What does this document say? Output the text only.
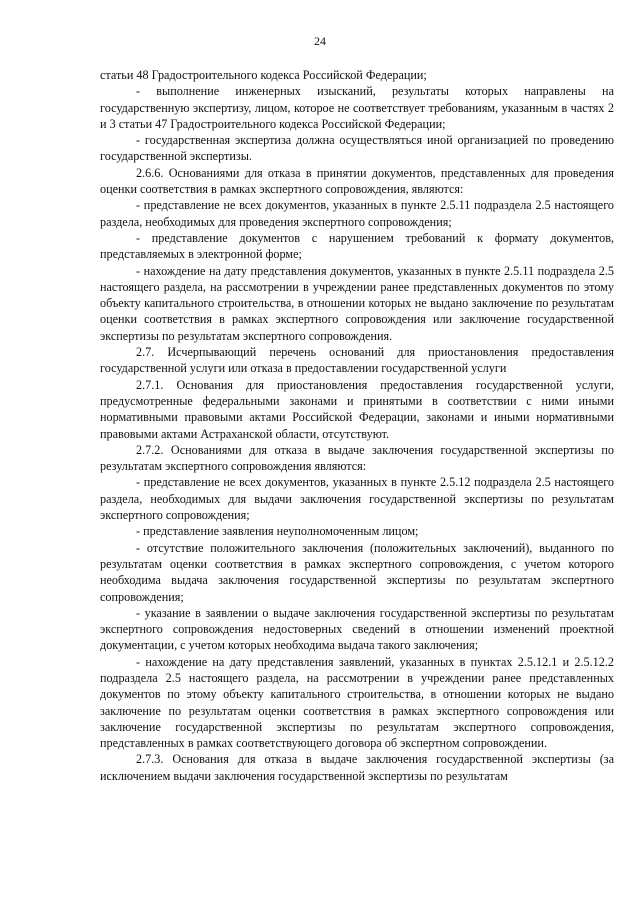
24

статьи 48 Градостроительного кодекса Российской Федерации;

- выполнение инженерных изысканий, результаты которых направлены на государственную экспертизу, лицом, которое не соответствует требованиям, указанным в частях 2 и 3 статьи 47 Градостроительного кодекса Российской Федерации;

- государственная экспертиза должна осуществляться иной организацией по проведению государственной экспертизы.

2.6.6. Основаниями для отказа в принятии документов, представленных для проведения оценки соответствия в рамках экспертного сопровождения, являются:

- представление не всех документов, указанных в пункте 2.5.11 подраздела 2.5 настоящего раздела, необходимых для проведения экспертного сопровождения;

- представление документов с нарушением требований к формату документов, представляемых в электронной форме;

- нахождение на дату представления документов, указанных в пункте 2.5.11 подраздела 2.5 настоящего раздела, на рассмотрении в учреждении ранее представленных документов по этому объекту капитального строительства, в отношении которых не выдано заключение по результатам оценки соответствия в рамках экспертного сопровождения или заключение государственной экспертизы по результатам экспертного сопровождения.

2.7. Исчерпывающий перечень оснований для приостановления предоставления государственной услуги или отказа в предоставлении государственной услуги

2.7.1. Основания для приостановления предоставления государственной услуги, предусмотренные федеральными законами и принятыми в соответствии с ними иными нормативными правовыми актами Российской Федерации, законами и иными нормативными правовыми актами Астраханской области, отсутствуют.

2.7.2. Основаниями для отказа в выдаче заключения государственной экспертизы по результатам экспертного сопровождения являются:

- представление не всех документов, указанных в пункте 2.5.12 подраздела 2.5 настоящего раздела, необходимых для выдачи заключения государственной экспертизы по результатам экспертного сопровождения;

- представление заявления неуполномоченным лицом;

- отсутствие положительного заключения (положительных заключений), выданного по результатам оценки соответствия в рамках экспертного сопровождения, с учетом которого необходима выдача заключения государственной экспертизы по результатам экспертного сопровождения;

- указание в заявлении о выдаче заключения государственной экспертизы по результатам экспертного сопровождения недостоверных сведений в отношении изменений проектной документации, с учетом которых необходима выдача такого заключения;

- нахождение на дату представления заявлений, указанных в пунктах 2.5.12.1 и 2.5.12.2 подраздела 2.5 настоящего раздела, на рассмотрении в учреждении ранее представленных документов по этому объекту капитального строительства, в отношении которых не выдано заключение по результатам оценки соответствия в рамках экспертного сопровождения или заключение государственной экспертизы по результатам экспертного сопровождения, представленных в рамках соответствующего договора об экспертном сопровождении.

2.7.3. Основания для отказа в выдаче заключения государственной экспертизы (за исключением выдачи заключения государственной экспертизы по результатам
